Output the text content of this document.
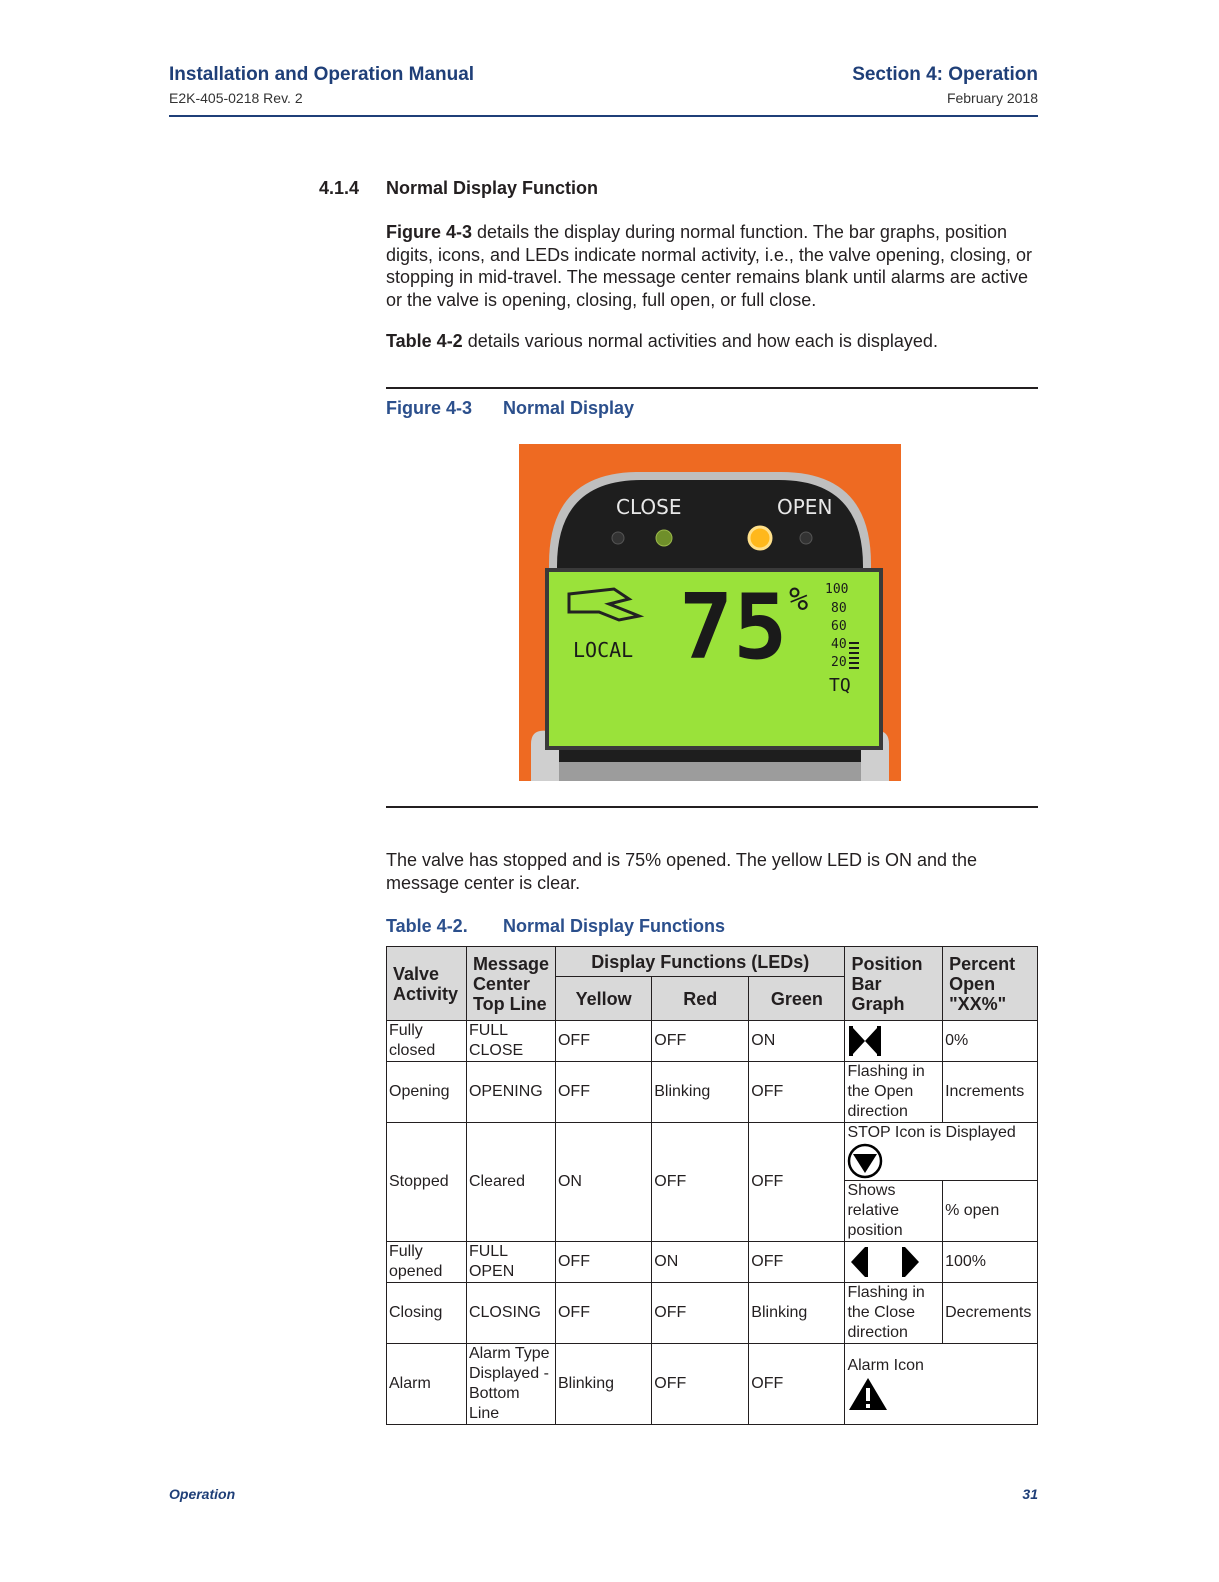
Installation and Operation Manual
E2K-405-0218 Rev. 2
Section 4: Operation
February 2018
4.1.4 Normal Display Function
Figure 4-3 details the display during normal function. The bar graphs, position digits, icons, and LEDs indicate normal activity, i.e., the valve opening, closing, or stopping in mid-travel. The message center remains blank until alarms are active or the valve is opening, closing, full open, or full close.
Table 4-2 details various normal activities and how each is displayed.
Figure 4-3 Normal Display
CLOSE	OPEN
LOCAL 75 % 100
80
60
40
20
TQ
The valve has stopped and is 75% opened. The yellow LED is ON and the message center is clear.
Table 4-2. Normal Display Functions
Valve Activity	Message Center Top Line	Display Functions (LEDs)			Position Bar Graph	Percent Open "XX%"
		Yellow	Red	Green		
Fully closed	FULL CLOSE	OFF	OFF	ON		0%
Opening	OPENING	OFF	Blinking	OFF	Flashing in the Open direction	Increments
Stopped	Cleared	ON	OFF	OFF	STOP Icon is Displayed	

					Shows relative position	% open
Fully opened	FULL OPEN	OFF	ON	OFF		100%
Closing	CLOSING	OFF	OFF	Blinking	Flashing in the Close direction	Decrements
Alarm	Alarm Type Displayed -Bottom Line	Blinking	OFF	OFF	Alarm Icon	
Operation	31
